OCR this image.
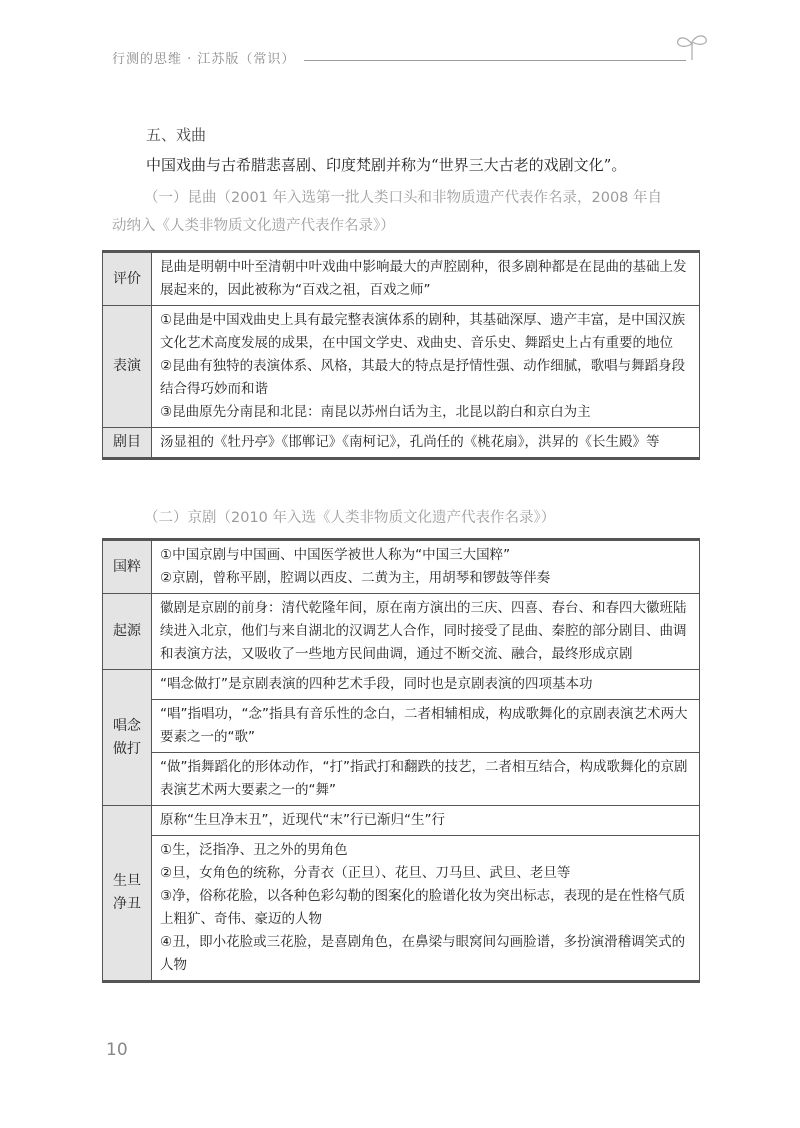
行测的思维 · 江苏版（常识）
五、戏曲
中国戏曲与古希腊悲喜剧、印度梵剧并称为“世界三大古老的戏剧文化”。
（一）昆曲（2001 年入选第一批人类口头和非物质遗产代表作名录，2008 年自
动纳入《人类非物质文化遗产代表作名录》）
评价	昆曲是明朝中叶至清朝中叶戏曲中影响最大的声腔剧种，很多剧种都是在昆曲的基础上发展起来的，因此被称为“百戏之祖，百戏之师”
表演	①昆曲是中国戏曲史上具有最完整表演体系的剧种，其基础深厚、遗产丰富，是中国汉族文化艺术高度发展的成果，在中国文学史、戏曲史、音乐史、舞蹈史上占有重要的地位
②昆曲有独特的表演体系、风格，其最大的特点是抒情性强、动作细腻，歌唱与舞蹈身段结合得巧妙而和谐
③昆曲原先分南昆和北昆：南昆以苏州白话为主，北昆以韵白和京白为主

剧目	汤显祖的《牡丹亭》《邯郸记》《南柯记》，孔尚任的《桃花扇》，洪昇的《长生殿》等
（二）京剧（2010 年入选《人类非物质文化遗产代表作名录》）
国粹	①中国京剧与中国画、中国医学被世人称为“中国三大国粹”
②京剧，曾称平剧，腔调以西皮、二黄为主，用胡琴和锣鼓等伴奏

起源	徽剧是京剧的前身：清代乾隆年间，原在南方演出的三庆、四喜、春台、和春四大徽班陆续进入北京，他们与来自湖北的汉调艺人合作，同时接受了昆曲、秦腔的部分剧目、曲调和表演方法，又吸收了一些地方民间曲调，通过不断交流、融合，最终形成京剧

唱念
做打	“唱念做打”是京剧表演的四种艺术手段，同时也是京剧表演的四项基本功
	“唱”指唱功，“念”指具有音乐性的念白，二者相辅相成，构成歌舞化的京剧表演艺术两大要素之一的“歌”
	“做”指舞蹈化的形体动作，“打”指武打和翻跌的技艺，二者相互结合，构成歌舞化的京剧表演艺术两大要素之一的“舞”

生旦
净丑	原称“生旦净末丑”，近现代“末”行已渐归“生”行

	①生，泛指净、丑之外的男角色
②旦，女角色的统称，分青衣（正旦）、花旦、刀马旦、武旦、老旦等
③净，俗称花脸，以各种色彩勾勒的图案化的脸谱化妆为突出标志，表现的是在性格气质上粗犷、奇伟、豪迈的人物
④丑，即小花脸或三花脸，是喜剧角色，在鼻梁与眼窝间勾画脸谱，多扮演滑稽调笑式的人物
10
